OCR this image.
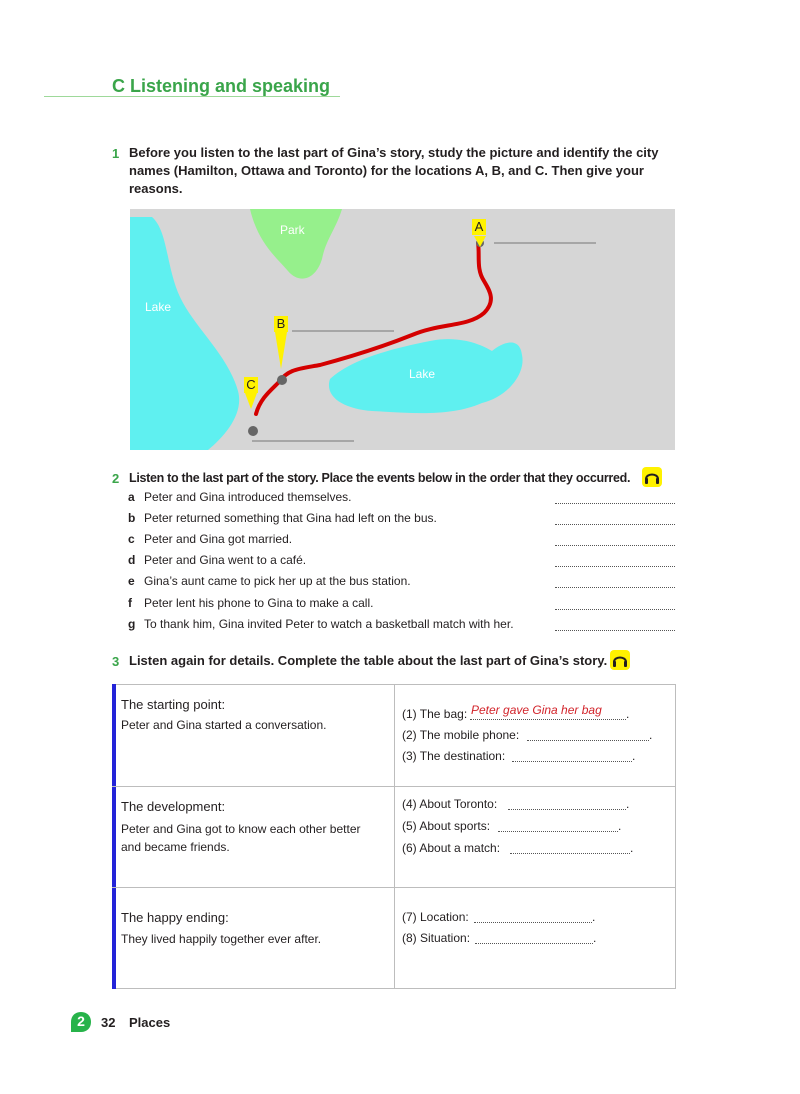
C Listening and speaking
1 Before you listen to the last part of Gina’s story, study the picture and identify the city
names (Hamilton, Ottawa and Toronto) for the locations A, B, and C. Then give your
reasons.
Park
Lake
Lake
A
B
C
2 Listen to the last part of the story. Place the events below in the order that they occurred.
a Peter and Gina introduced themselves.
b Peter returned something that Gina had left on the bus.
c Peter and Gina got married.
d Peter and Gina went to a café.
e Gina’s aunt came to pick her up at the bus station.
f Peter lent his phone to Gina to make a call.
g To thank him, Gina invited Peter to watch a basketball match with her.
3 Listen again for details. Complete the table about the last part of Gina’s story.
The starting point:
Peter and Gina started a conversation.
(1) The bag: Peter gave Gina her bag .
(2) The mobile phone:	.
(3) The destination:	.
The development:
Peter and Gina got to know each other better
and became friends.
(4) About Toronto:	.
(5) About sports:	.
(6) About a match:	.
The happy ending:
They lived happily together ever after.
(7) Location:	.
(8) Situation:	.
2	32 Places
